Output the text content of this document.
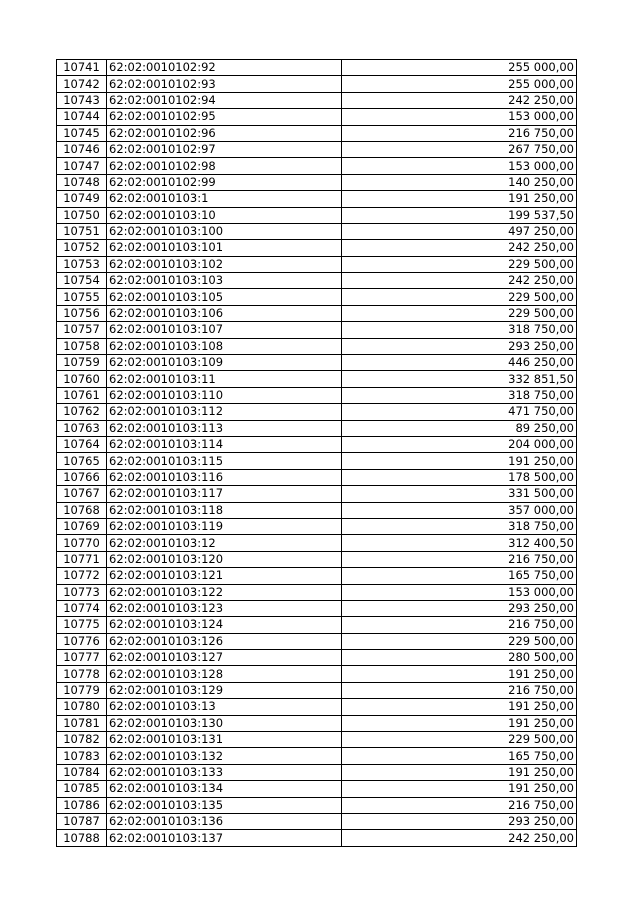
10741	62:02:0010102:92	255 000,00
10742	62:02:0010102:93	255 000,00
10743	62:02:0010102:94	242 250,00
10744	62:02:0010102:95	153 000,00
10745	62:02:0010102:96	216 750,00
10746	62:02:0010102:97	267 750,00
10747	62:02:0010102:98	153 000,00
10748	62:02:0010102:99	140 250,00
10749	62:02:0010103:1	191 250,00
10750	62:02:0010103:10	199 537,50
10751	62:02:0010103:100	497 250,00
10752	62:02:0010103:101	242 250,00
10753	62:02:0010103:102	229 500,00
10754	62:02:0010103:103	242 250,00
10755	62:02:0010103:105	229 500,00
10756	62:02:0010103:106	229 500,00
10757	62:02:0010103:107	318 750,00
10758	62:02:0010103:108	293 250,00
10759	62:02:0010103:109	446 250,00
10760	62:02:0010103:11	332 851,50
10761	62:02:0010103:110	318 750,00
10762	62:02:0010103:112	471 750,00
10763	62:02:0010103:113	89 250,00
10764	62:02:0010103:114	204 000,00
10765	62:02:0010103:115	191 250,00
10766	62:02:0010103:116	178 500,00
10767	62:02:0010103:117	331 500,00
10768	62:02:0010103:118	357 000,00
10769	62:02:0010103:119	318 750,00
10770	62:02:0010103:12	312 400,50
10771	62:02:0010103:120	216 750,00
10772	62:02:0010103:121	165 750,00
10773	62:02:0010103:122	153 000,00
10774	62:02:0010103:123	293 250,00
10775	62:02:0010103:124	216 750,00
10776	62:02:0010103:126	229 500,00
10777	62:02:0010103:127	280 500,00
10778	62:02:0010103:128	191 250,00
10779	62:02:0010103:129	216 750,00
10780	62:02:0010103:13	191 250,00
10781	62:02:0010103:130	191 250,00
10782	62:02:0010103:131	229 500,00
10783	62:02:0010103:132	165 750,00
10784	62:02:0010103:133	191 250,00
10785	62:02:0010103:134	191 250,00
10786	62:02:0010103:135	216 750,00
10787	62:02:0010103:136	293 250,00
10788	62:02:0010103:137	242 250,00
